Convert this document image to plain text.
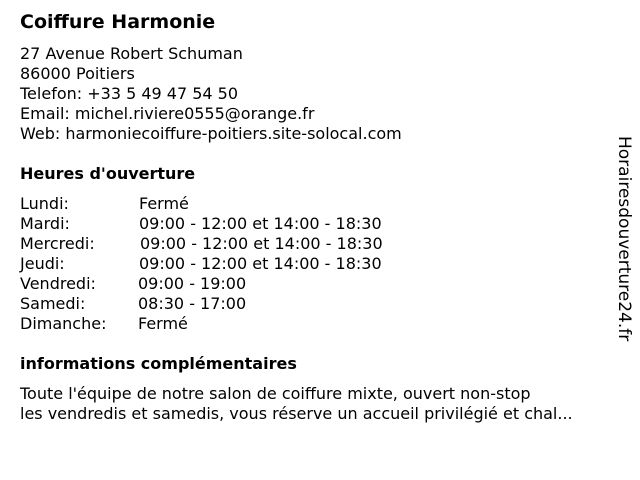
Coiffure Harmonie
27 Avenue Robert Schuman
86000 Poitiers
Telefon: +33 5 49 47 54 50
Email: michel.riviere0555@orange.fr
Web: harmoniecoiffure-poitiers.site-solocal.com
Heures d'ouverture
Lundi:	Fermé
Mardi:	09:00 - 12:00 et 14:00 - 18:30
Mercredi:	09:00 - 12:00 et 14:00 - 18:30
Jeudi:	09:00 - 12:00 et 14:00 - 18:30
Vendredi:	09:00 - 19:00
Samedi:	08:30 - 17:00
Dimanche: Fermé
informations complémentaires
Toute l'équipe de notre salon de coiffure mixte, ouvert non-stop
les vendredis et samedis, vous réserve un accueil privilégié et chal...
Horairesdouverture24.fr
